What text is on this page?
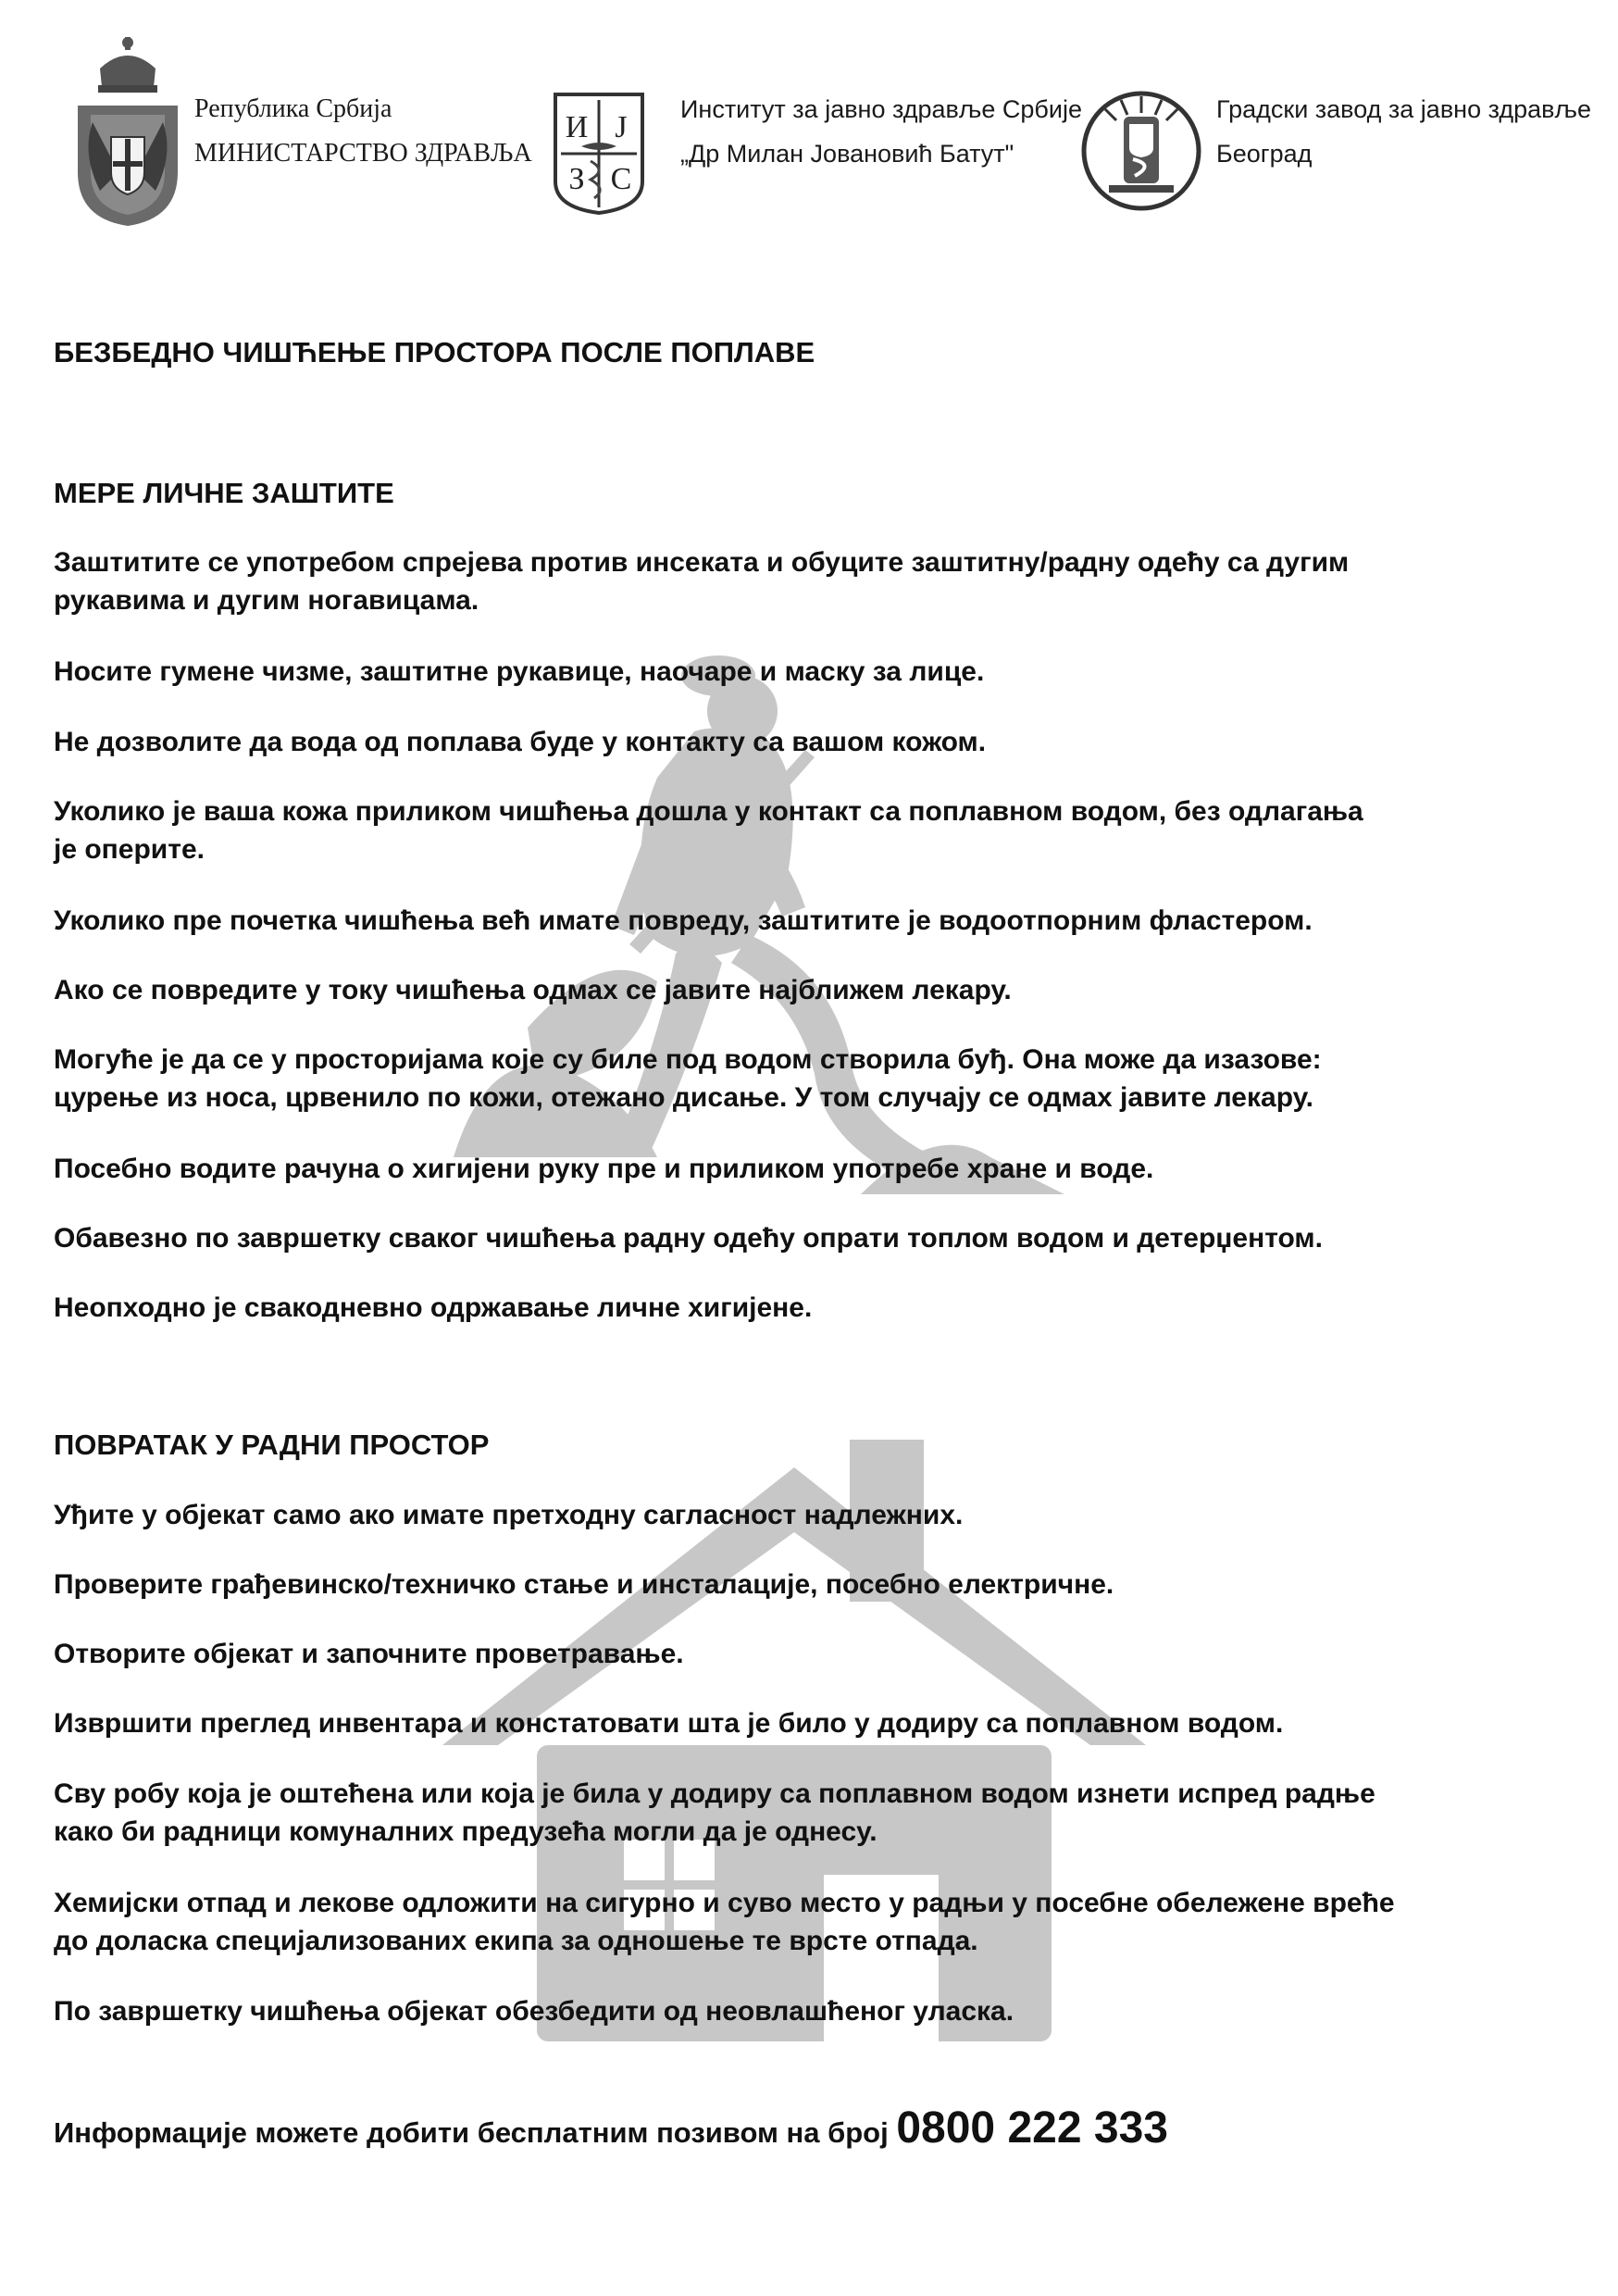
Република Србија
МИНИСТАРСТВО ЗДРАВЉА
И J
З С
Институт за јавно здравље Србије
„Др Милан Јовановић Батут"
Градски завод за јавно здравље
Београд
БЕЗБЕДНО ЧИШЋЕЊЕ ПРОСТОРА ПОСЛЕ ПОПЛАВЕ
МЕРЕ ЛИЧНЕ ЗАШТИТЕ
Заштитите се употребом спрејева против инсеката и обуците заштитну/радну одећу са дугим
рукавима и дугим ногавицама.
Носите гумене чизме, заштитне рукавице, наочаре и маску за лице.
Не дозволите да вода од поплава буде у контакту са вашом кожом.
Уколико је ваша кожа приликом чишћења дошла у контакт са поплавном водом, без одлагања
је оперите.
Уколико пре почетка чишћења већ имате повреду, заштитите је водоотпорним фластером.
Ако се повредите у току чишћења одмах се јавите најближем лекару.
Могуће је да се у просторијама које су биле под водом створила буђ. Она може да изазове:
цурење из носа, црвенило по кожи, отежано дисање. У том случају се одмах јавите лекару.
Посебно водите рачуна о хигијени руку пре и приликом употребе хране и воде.
Обавезно по завршетку сваког чишћења радну одећу опрати топлом водом и детерџентом.
Неопходно је свакодневно одржавање личне хигијене.
ПОВРАТАК У РАДНИ ПРОСТОР
Уђите у објекат само ако имате претходну сагласност надлежних.
Проверите грађевинско/техничко стање и инсталације, посебно електричне.
Отворите објекат и започните проветравање.
Извршити преглед инвентара и констатовати шта је било у додиру са поплавном водом.
Сву робу која је оштећена или која је била у додиру са поплавном водом изнети испред радње
како би радници комуналних предузећа могли да је однесу.
Хемијски отпад и лекове одложити на сигурно и суво место у радњи у посебне обележене вреће
до доласка специјализованих екипа за одношење те врсте отпада.
По завршетку чишћења објекат обезбедити од неовлашћеног уласка.
Информације можете добити бесплатним позивом на број 0800 222 333
